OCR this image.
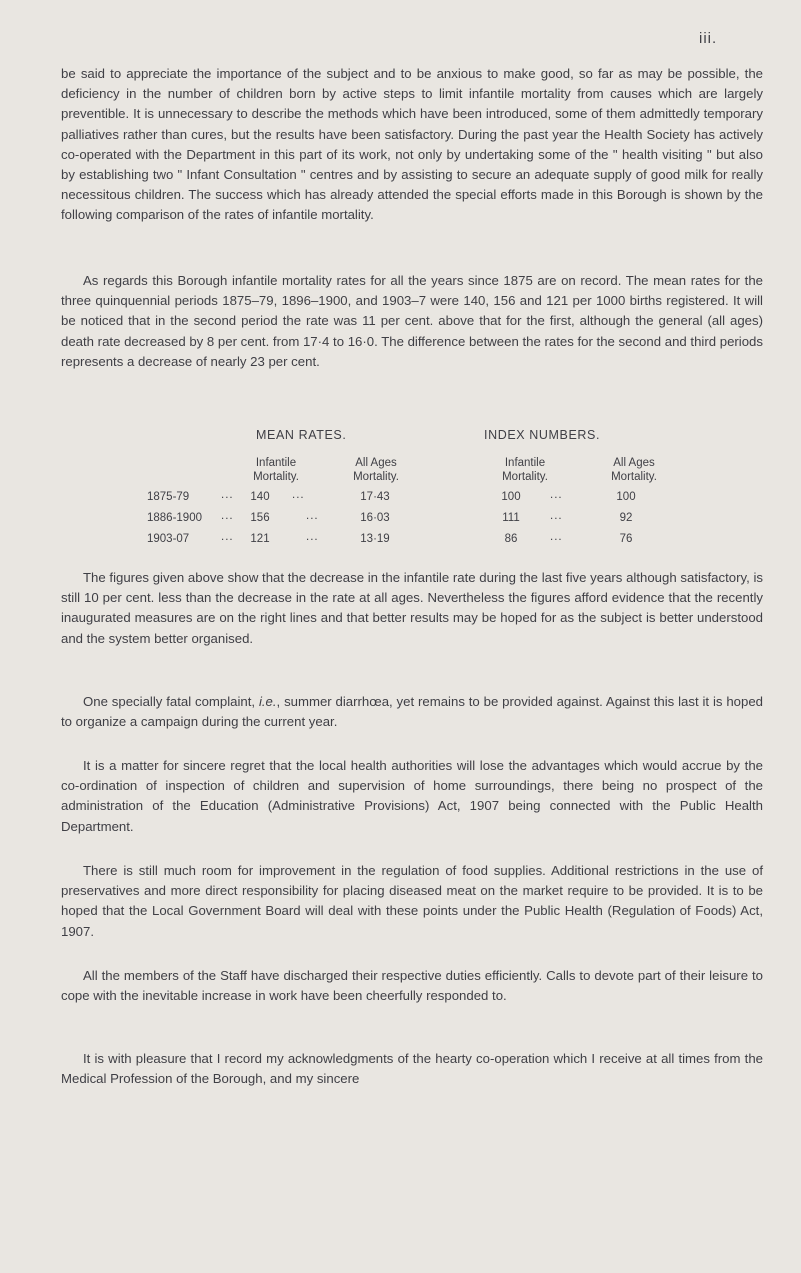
iii.

be said to appreciate the importance of the subject and to be anxious to make good, so far as may be possible, the deficiency in the number of children born by active steps to limit infantile mortality from causes which are largely preventible. It is unnecessary to describe the methods which have been introduced, some of them admittedly temporary palliatives rather than cures, but the results have been satisfactory. During the past year the Health Society has actively co-operated with the Department in this part of its work, not only by undertaking some of the " health visiting " but also by establishing two " Infant Consultation " centres and by assisting to secure an adequate supply of good milk for really necessitous children. The success which has already attended the special efforts made in this Borough is shown by the following comparison of the rates of infantile mortality.

As regards this Borough infantile mortality rates for all the years since 1875 are on record. The mean rates for the three quinquennial periods 1875–79, 1896–1900, and 1903–7 were 140, 156 and 121 per 1000 births registered. It will be noticed that in the second period the rate was 11 per cent. above that for the first, although the general (all ages) death rate decreased by 8 per cent. from 17·4 to 16·0. The difference between the rates for the second and third periods represents a decrease of nearly 23 per cent.

MEAN RATES.	INDEX NUMBERS.
Infantile Mortality.
All Ages Mortality.
Infantile Mortality.
All Ages Mortality.
1875-79	...	140	...	17·43	100	...	100
1886-1900 ...	156	...	16·03	111	...	92
1903-07	...	121	...	13·19	86	...	76

The figures given above show that the decrease in the infantile rate during the last five years although satisfactory, is still 10 per cent. less than the decrease in the rate at all ages. Nevertheless the figures afford evidence that the recently inaugurated measures are on the right lines and that better results may be hoped for as the subject is better understood and the system better organised.

One specially fatal complaint, i.e., summer diarrhœa, yet remains to be provided against. Against this last it is hoped to organize a campaign during the current year.

It is a matter for sincere regret that the local health authorities will lose the advantages which would accrue by the co-ordination of inspection of children and supervision of home surroundings, there being no prospect of the administration of the Education (Administrative Provisions) Act, 1907 being connected with the Public Health Department.

There is still much room for improvement in the regulation of food supplies. Additional restrictions in the use of preservatives and more direct responsibility for placing diseased meat on the market require to be provided. It is to be hoped that the Local Government Board will deal with these points under the Public Health (Regulation of Foods) Act, 1907.

All the members of the Staff have discharged their respective duties efficiently. Calls to devote part of their leisure to cope with the inevitable increase in work have been cheerfully responded to.

It is with pleasure that I record my acknowledgments of the hearty co-operation which I receive at all times from the Medical Profession of the Borough, and my sincere
